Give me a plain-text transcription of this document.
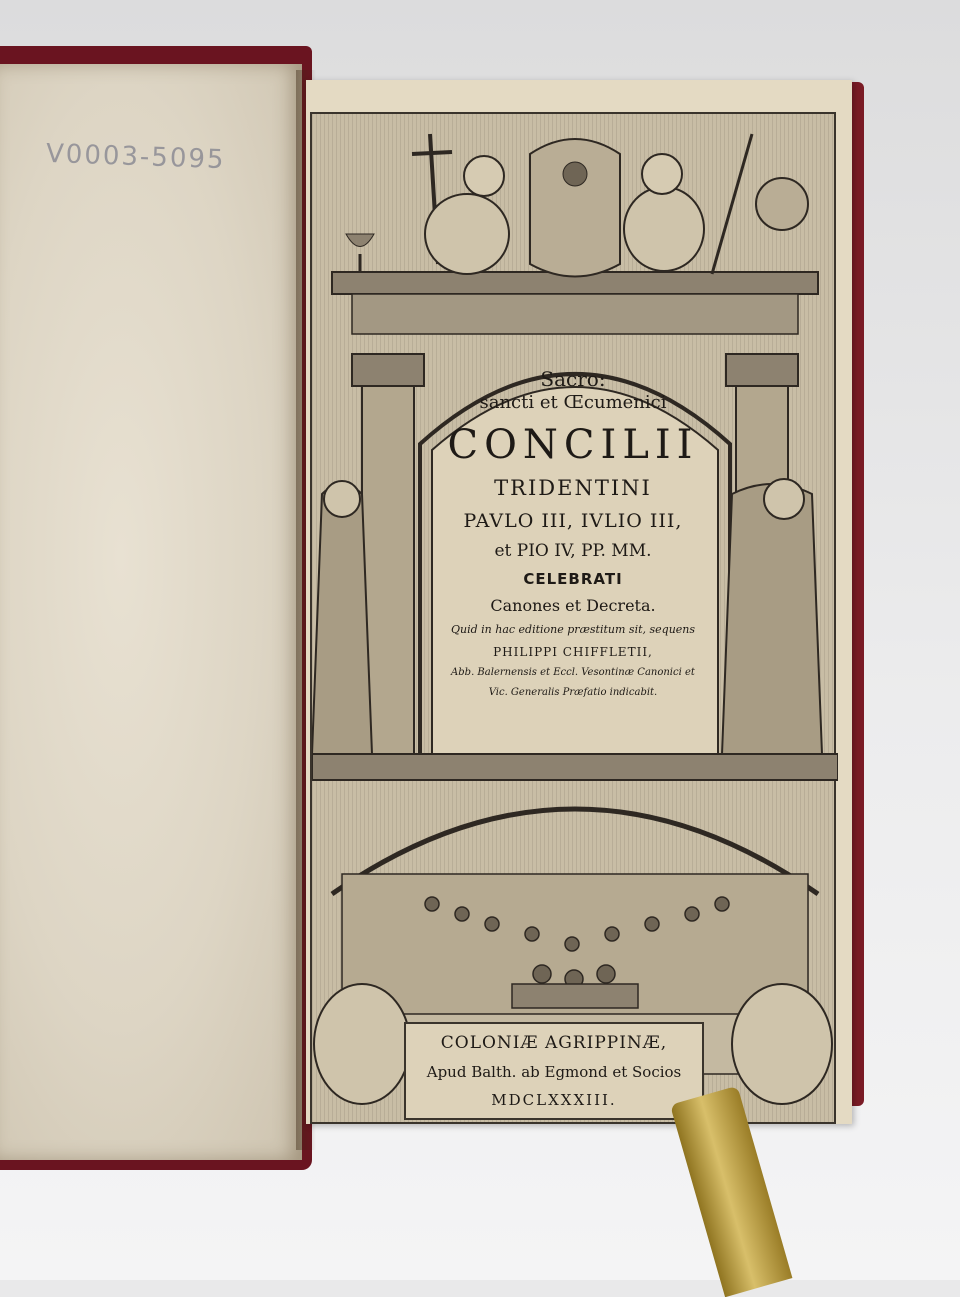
V0003-5095
Sacro:
sancti et Œcumenici
CONCILII
TRIDENTINI
PAVLO III, IVLIO III,
et PIO IV, PP. MM.
CELEBRATI
Canones et Decreta.
Quid in hac editione præstitum sit, sequens
PHILIPPI CHIFFLETII,
Abb. Balernensis et Eccl. Vesontinæ Canonici et
Vic. Generalis Præfatio indicabit.
COLONIÆ AGRIPPINÆ,
Apud Balth. ab Egmond et Socios
MDCLXXXIII.
